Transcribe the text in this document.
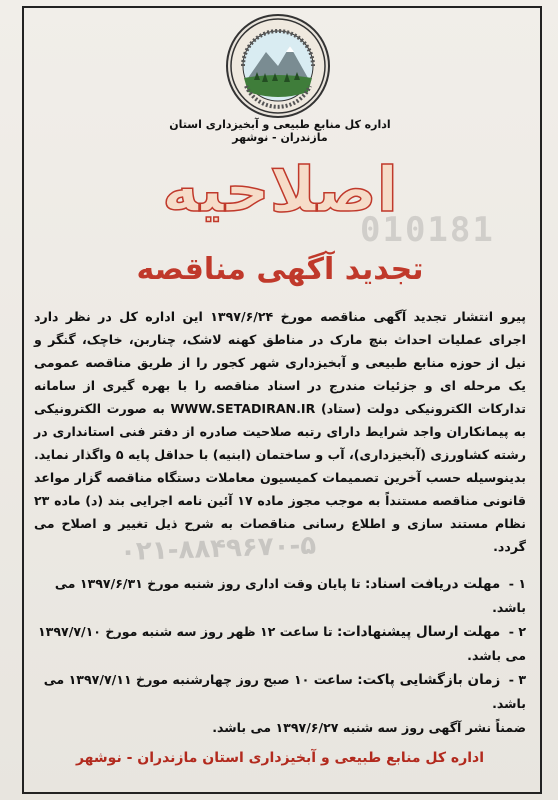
010181
اداره کل منابع طبیعی و آبخیزداری استان مازندران - نوشهر
اصلاحیه
تجدید آگهی مناقصه
پیرو انتشار تجدید آگهی مناقصه مورخ ۱۳۹۷/۶/۲۴ این اداره کل در نظر دارد اجرای عملیات احداث بنچ مارک در مناطق کهنه لاشک، چناربن، خاچک، گنگر و نیل از حوزه منابع طبیعی و آبخیزداری شهر کجور را از طریق مناقصه عمومی یک مرحله ای و جزئیات مندرج در اسناد مناقصه را با بهره گیری از سامانه تدارکات الکترونیکی دولت (ستاد) WWW.SETADIRAN.IR به صورت الکترونیکی به پیمانکاران واجد شرایط دارای رتبه صلاحیت صادره از دفتر فنی استانداری در رشته کشاورزی (آبخیزداری)، آب و ساختمان (ابنیه) با حداقل پایه ۵ واگذار نماید. بدینوسیله حسب آخرین تصمیمات کمیسیون معاملات دستگاه مناقصه گزار مواعد قانونی مناقصه مستنداً به موجب مجوز ماده ۱۷ آئین نامه اجرایی بند (د) ماده ۲۳ نظام مستند سازی و اطلاع رسانی مناقصات به شرح ذیل تغییر و اصلاح می گردد.
۰۲۱-۸۸۴۹۶۷۰-۵
۱ - مهلت دریافت اسناد: تا پایان وقت اداری روز شنبه مورخ ۱۳۹۷/۶/۳۱ می باشد.
۲ - مهلت ارسال پیشنهادات: تا ساعت ۱۲ ظهر روز سه شنبه مورخ ۱۳۹۷/۷/۱۰ می باشد.
۳ - زمان بازگشایی پاکت: ساعت ۱۰ صبح روز چهارشنبه مورخ ۱۳۹۷/۷/۱۱ می باشد.
ضمناً نشر آگهی روز سه شنبه ۱۳۹۷/۶/۲۷ می باشد.
اداره کل منابع طبیعی و آبخیزداری استان مازندران - نوشهر
